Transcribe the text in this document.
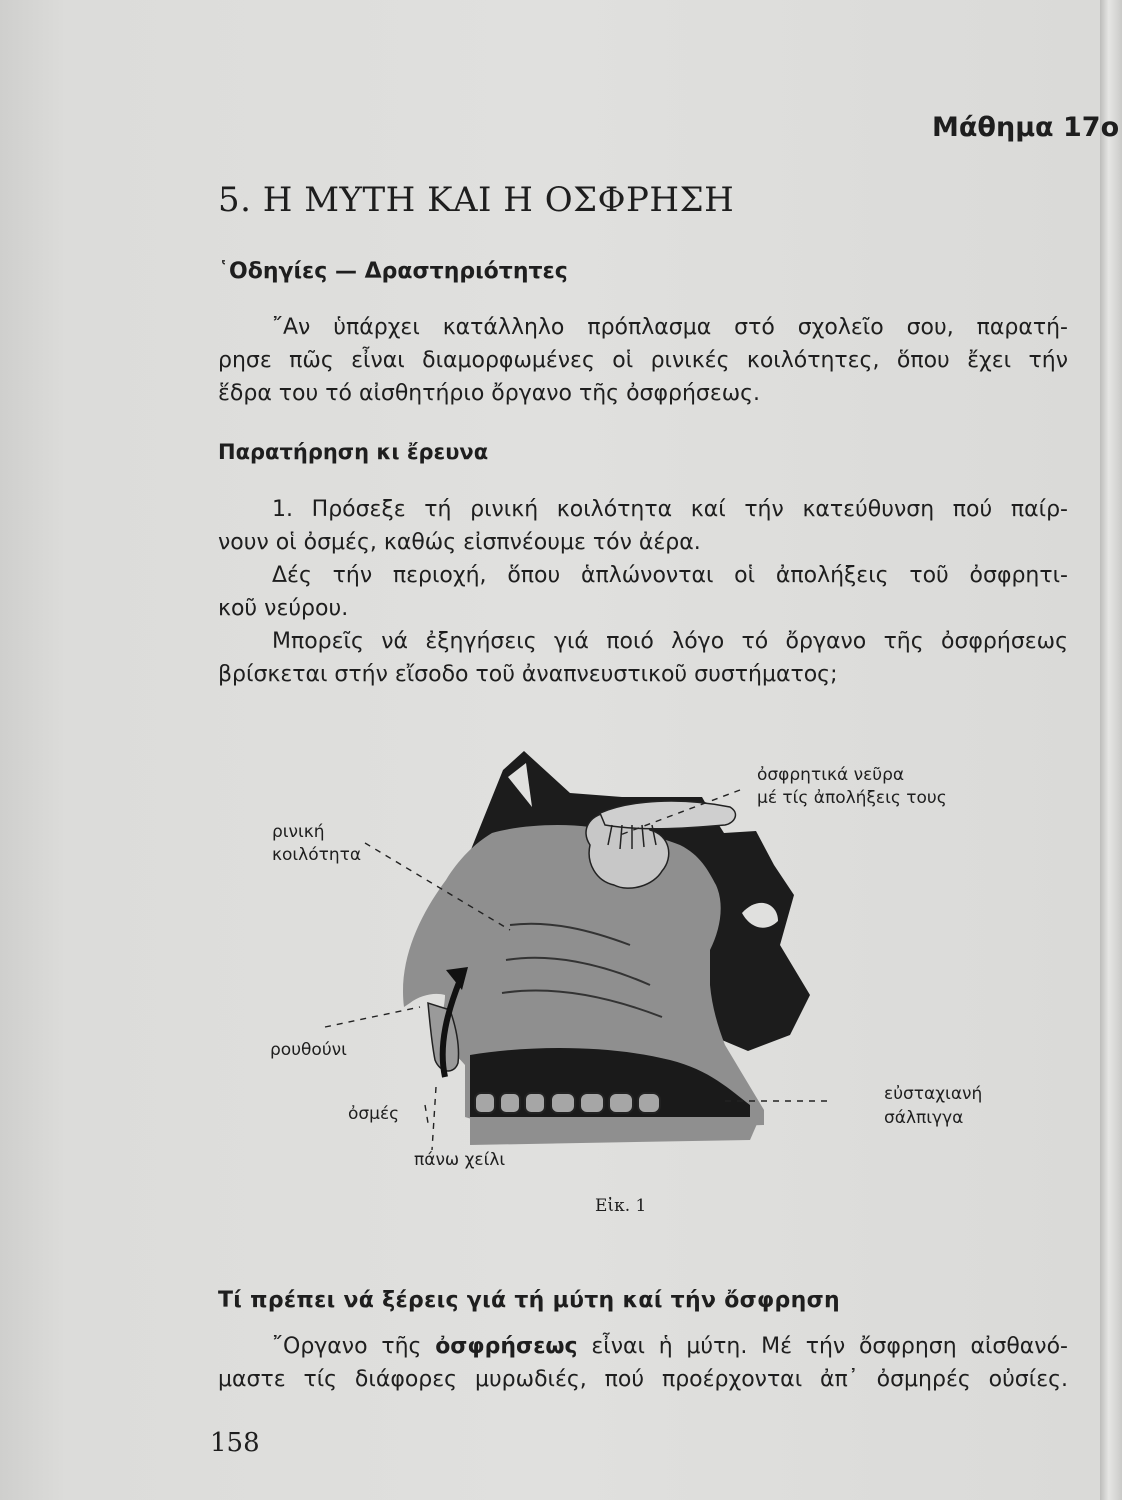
Μάθημα 17ο
5. Η ΜΥΤΗ ΚΑΙ Η ΟΣΦΡΗΣΗ
῾Οδηγίες — Δραστηριότητες
῎Αν ὑπάρχει κατάλληλο πρόπλασμα στό σχολεῖο σου, παρατή-
ρησε πῶς εἶναι διαμορφωμένες οἱ ρινικές κοιλότητες, ὅπου ἔχει τήν
ἕδρα του τό αἰσθητήριο ὄργανο τῆς ὀσφρήσεως.
Παρατήρηση κι ἔρευνα
1. Πρόσεξε τή ρινική κοιλότητα καί τήν κατεύθυνση πού παίρ-
νουν οἱ ὀσμές, καθώς εἰσπνέουμε τόν ἀέρα.
Δές τήν περιοχή, ὅπου ἁπλώνονται οἱ ἀπολήξεις τοῦ ὀσφρητι-
κοῦ νεύρου.
Μπορεῖς νά ἐξηγήσεις γιά ποιό λόγο τό ὄργανο τῆς ὀσφρήσεως
βρίσκεται στήν εἴσοδο τοῦ ἀναπνευστικοῦ συστήματος;
ὀσφρητικά νεῦρα
μέ τίς ἀπολήξεις τους
ρινική
κοιλότητα
ρουθούνι
ὀσμές
πάνω χείλι
εὐσταχιανή
σάλπιγγα
Εἰκ. 1
Τί πρέπει νά ξέρεις γιά τή μύτη καί τήν ὄσφρηση
῎Οργανο τῆς ὀσφρήσεως εἶναι ἡ μύτη. Μέ τήν ὄσφρηση αἰσθανό-
μαστε τίς διάφορες μυρωδιές, πού προέρχονται ἀπ᾽ ὀσμηρές οὐσίες.
158
